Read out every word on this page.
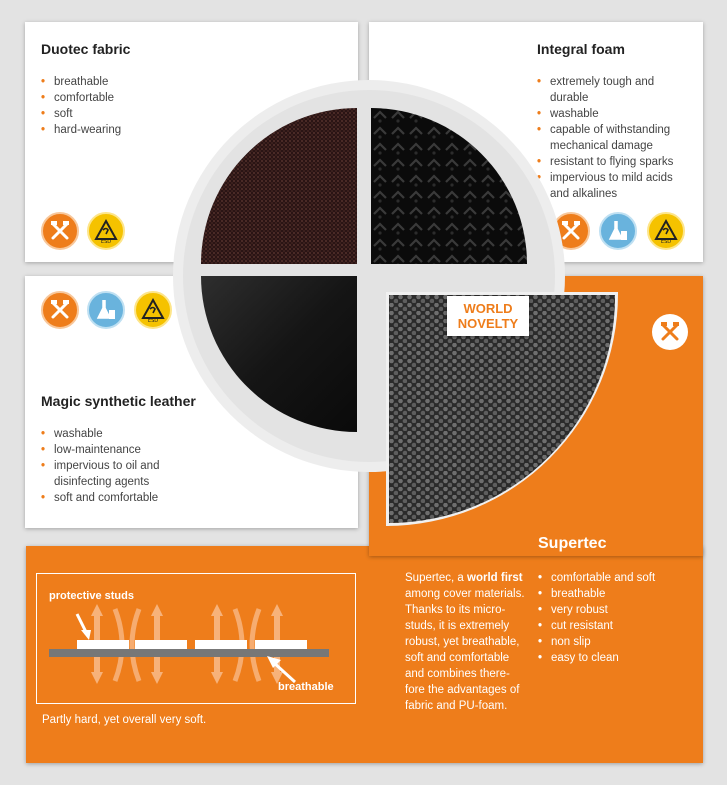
Duotec fabric
• breathable
• comfortable
• soft
• hard-wearing
ESD
Integral foam
• extremely tough and durable
• washable
• capable of withstanding mechanical damage
• resistant to flying sparks
• impervious to mild acids and alkalines
ESD
ESD
Magic synthetic leather
• washable
• low-maintenance
• impervious to oil and disinfecting agents
• soft and comfortable
protective studs
breathable
Partly hard, yet overall very soft.

Supertec, a world first among cover materials. Thanks to its micro-studs, it is extremely robust, yet breathable, soft and comfortable and combines there-fore the advantages of fabric and PU-foam.

• comfortable and soft
• breathable
• very robust
• cut resistant
• non slip
• easy to clean
Supertec
WORLD NOVELTY
